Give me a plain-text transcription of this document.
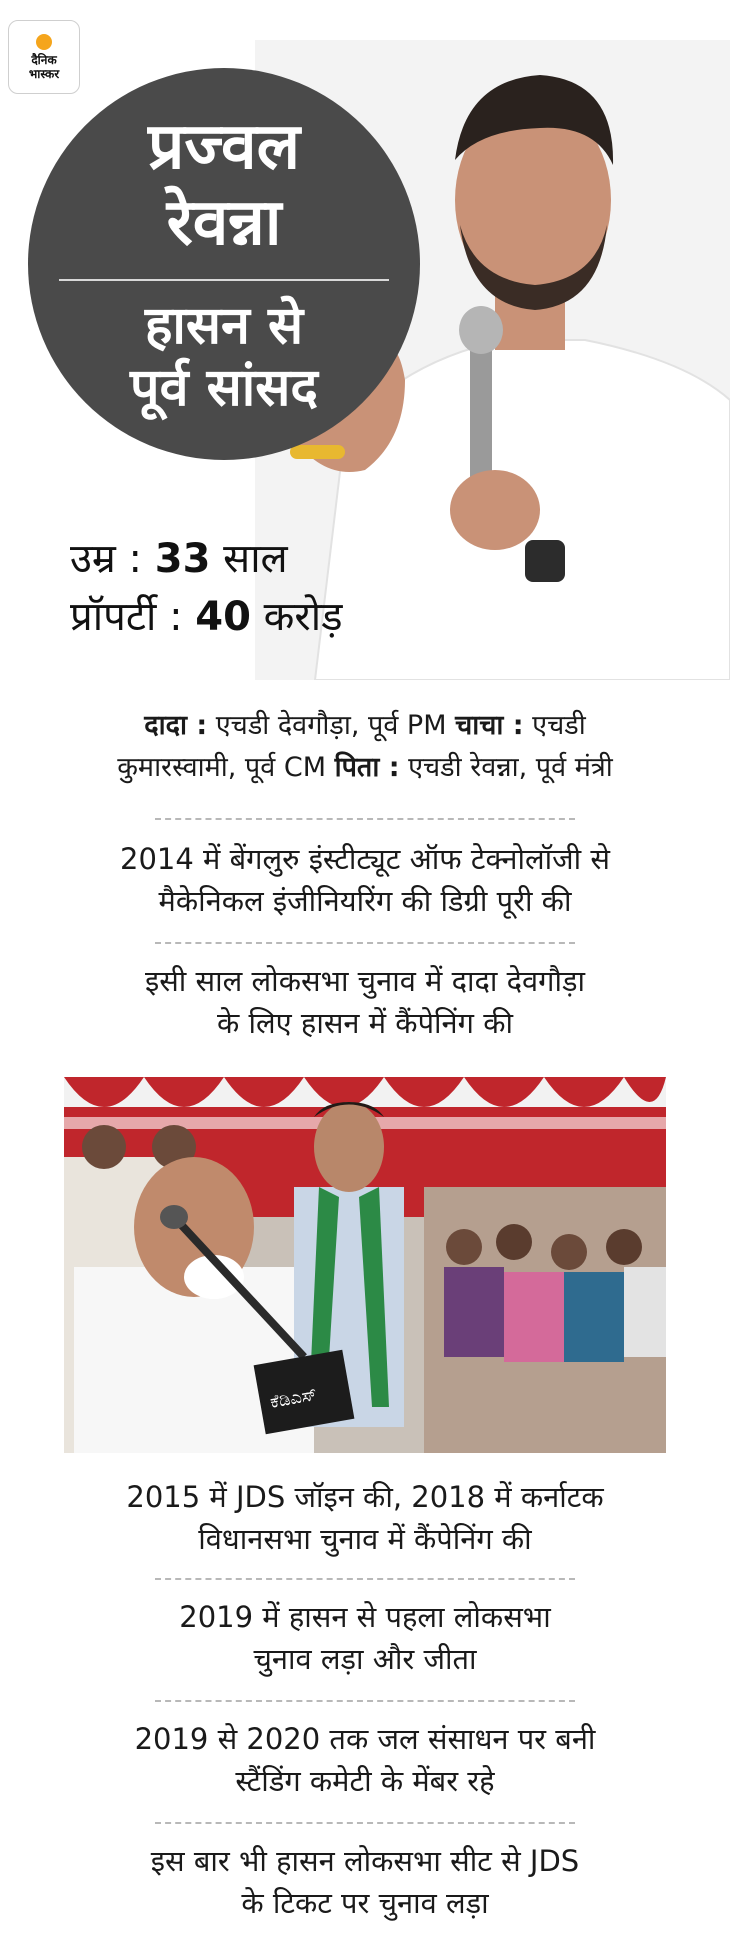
दैनिक
भास्कर
प्रज्वल
रेवन्ना
हासन से
पूर्व सांसद
उम्र : 33 साल
प्रॉपर्टी : 40 करोड़
दादा : एचडी देवगौड़ा, पूर्व PM चाचा : एचडी
कुमारस्वामी, पूर्व CM पिता : एचडी रेवन्ना, पूर्व मंत्री
2014 में बेंगलुरु इंस्टीट्यूट ऑफ टेक्नोलॉजी से
मैकेनिकल इंजीनियरिंग की डिग्री पूरी की
इसी साल लोकसभा चुनाव में दादा देवगौड़ा
के लिए हासन में कैंपेनिंग की
ಕೆಡಿಎಸ್
2015 में JDS जॉइन की, 2018 में कर्नाटक
विधानसभा चुनाव में कैंपेनिंग की
2019 में हासन से पहला लोकसभा
चुनाव लड़ा और जीता
2019 से 2020 तक जल संसाधन पर बनी
स्टैंडिंग कमेटी के मेंबर रहे
इस बार भी हासन लोकसभा सीट से JDS
के टिकट पर चुनाव लड़ा
